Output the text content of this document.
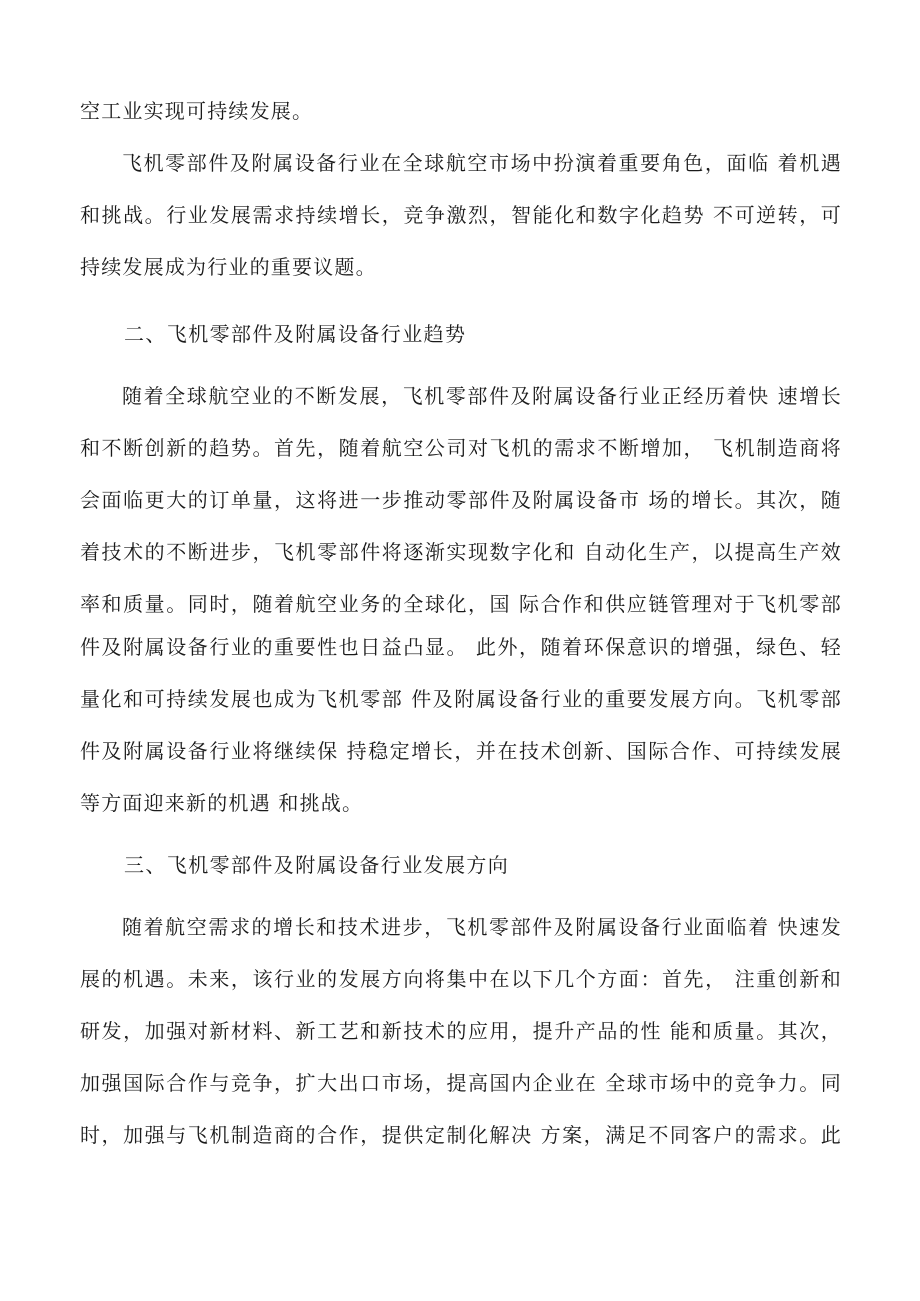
空工业实现可持续发展。
飞机零部件及附属设备行业在全球航空市场中扮演着重要角色，面临 着机遇
和挑战。行业发展需求持续增长，竞争激烈，智能化和数字化趋势 不可逆转，可
持续发展成为行业的重要议题。
二、飞机零部件及附属设备行业趋势
随着全球航空业的不断发展，飞机零部件及附属设备行业正经历着快 速增长
和不断创新的趋势。首先，随着航空公司对飞机的需求不断增加， 飞机制造商将
会面临更大的订单量，这将进一步推动零部件及附属设备市 场的增长。其次，随
着技术的不断进步，飞机零部件将逐渐实现数字化和 自动化生产，以提高生产效
率和质量。同时，随着航空业务的全球化，国 际合作和供应链管理对于飞机零部
件及附属设备行业的重要性也日益凸显。 此外，随着环保意识的增强，绿色、轻
量化和可持续发展也成为飞机零部 件及附属设备行业的重要发展方向。飞机零部
件及附属设备行业将继续保 持稳定增长，并在技术创新、国际合作、可持续发展
等方面迎来新的机遇 和挑战。
三、飞机零部件及附属设备行业发展方向
随着航空需求的增长和技术进步，飞机零部件及附属设备行业面临着 快速发
展的机遇。未来，该行业的发展方向将集中在以下几个方面：首先， 注重创新和
研发，加强对新材料、新工艺和新技术的应用，提升产品的性 能和质量。其次，
加强国际合作与竞争，扩大出口市场，提高国内企业在 全球市场中的竞争力。同
时，加强与飞机制造商的合作，提供定制化解决 方案，满足不同客户的需求。此
